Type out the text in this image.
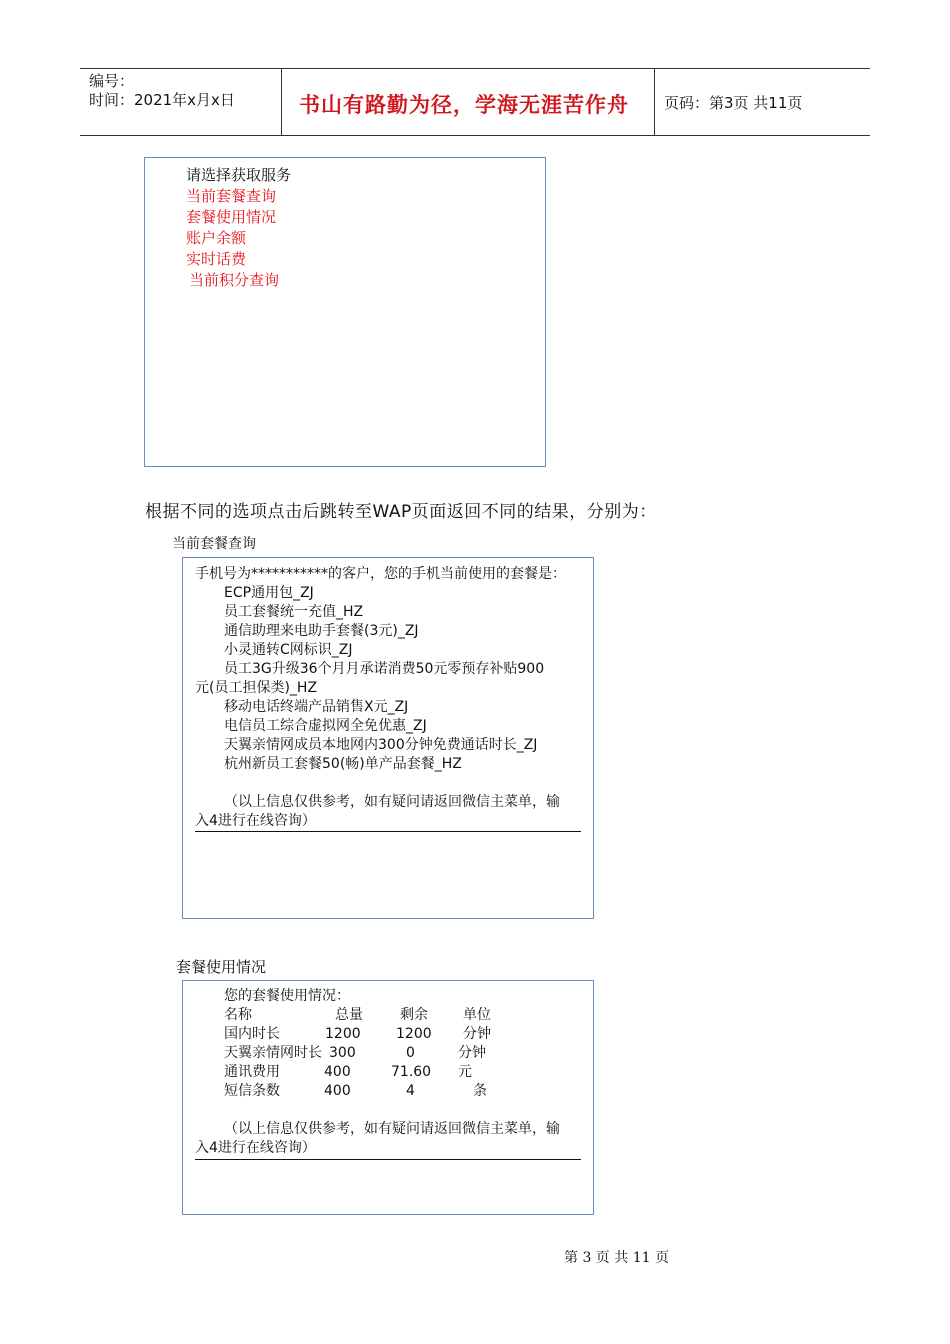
编号：
时间：2021年x月x日	书山有路勤为径，学海无涯苦作舟 页码：第3页 共11页
请选择获取服务
当前套餐查询
套餐使用情况
账户余额
实时话费
当前积分查询
根据不同的选项点击后跳转至WAP页面返回不同的结果，分别为：
当前套餐查询
手机号为***********的客户，您的手机当前使用的套餐是：
ECP通用包_ZJ
员工套餐统一充值_HZ
通信助理来电助手套餐(3元)_ZJ
小灵通转C网标识_ZJ
员工3G升级36个月月承诺消费50元零预存补贴900
元(员工担保类)_HZ
移动电话终端产品销售X元_ZJ
电信员工综合虚拟网全免优惠_ZJ
天翼亲情网成员本地网内300分钟免费通话时长_ZJ
杭州新员工套餐50(畅)单产品套餐_HZ
（以上信息仅供参考，如有疑问请返回微信主菜单，输
入4进行在线咨询）
套餐使用情况
您的套餐使用情况：
名称	总量	剩余	单位
国内时长	1200	1200 分钟
天翼亲情网时长 300	0	分钟
通讯费用	400	71.60 元
短信条数	400	4	条
（以上信息仅供参考，如有疑问请返回微信主菜单，输
入4进行在线咨询）
第 3 页 共 11 页
